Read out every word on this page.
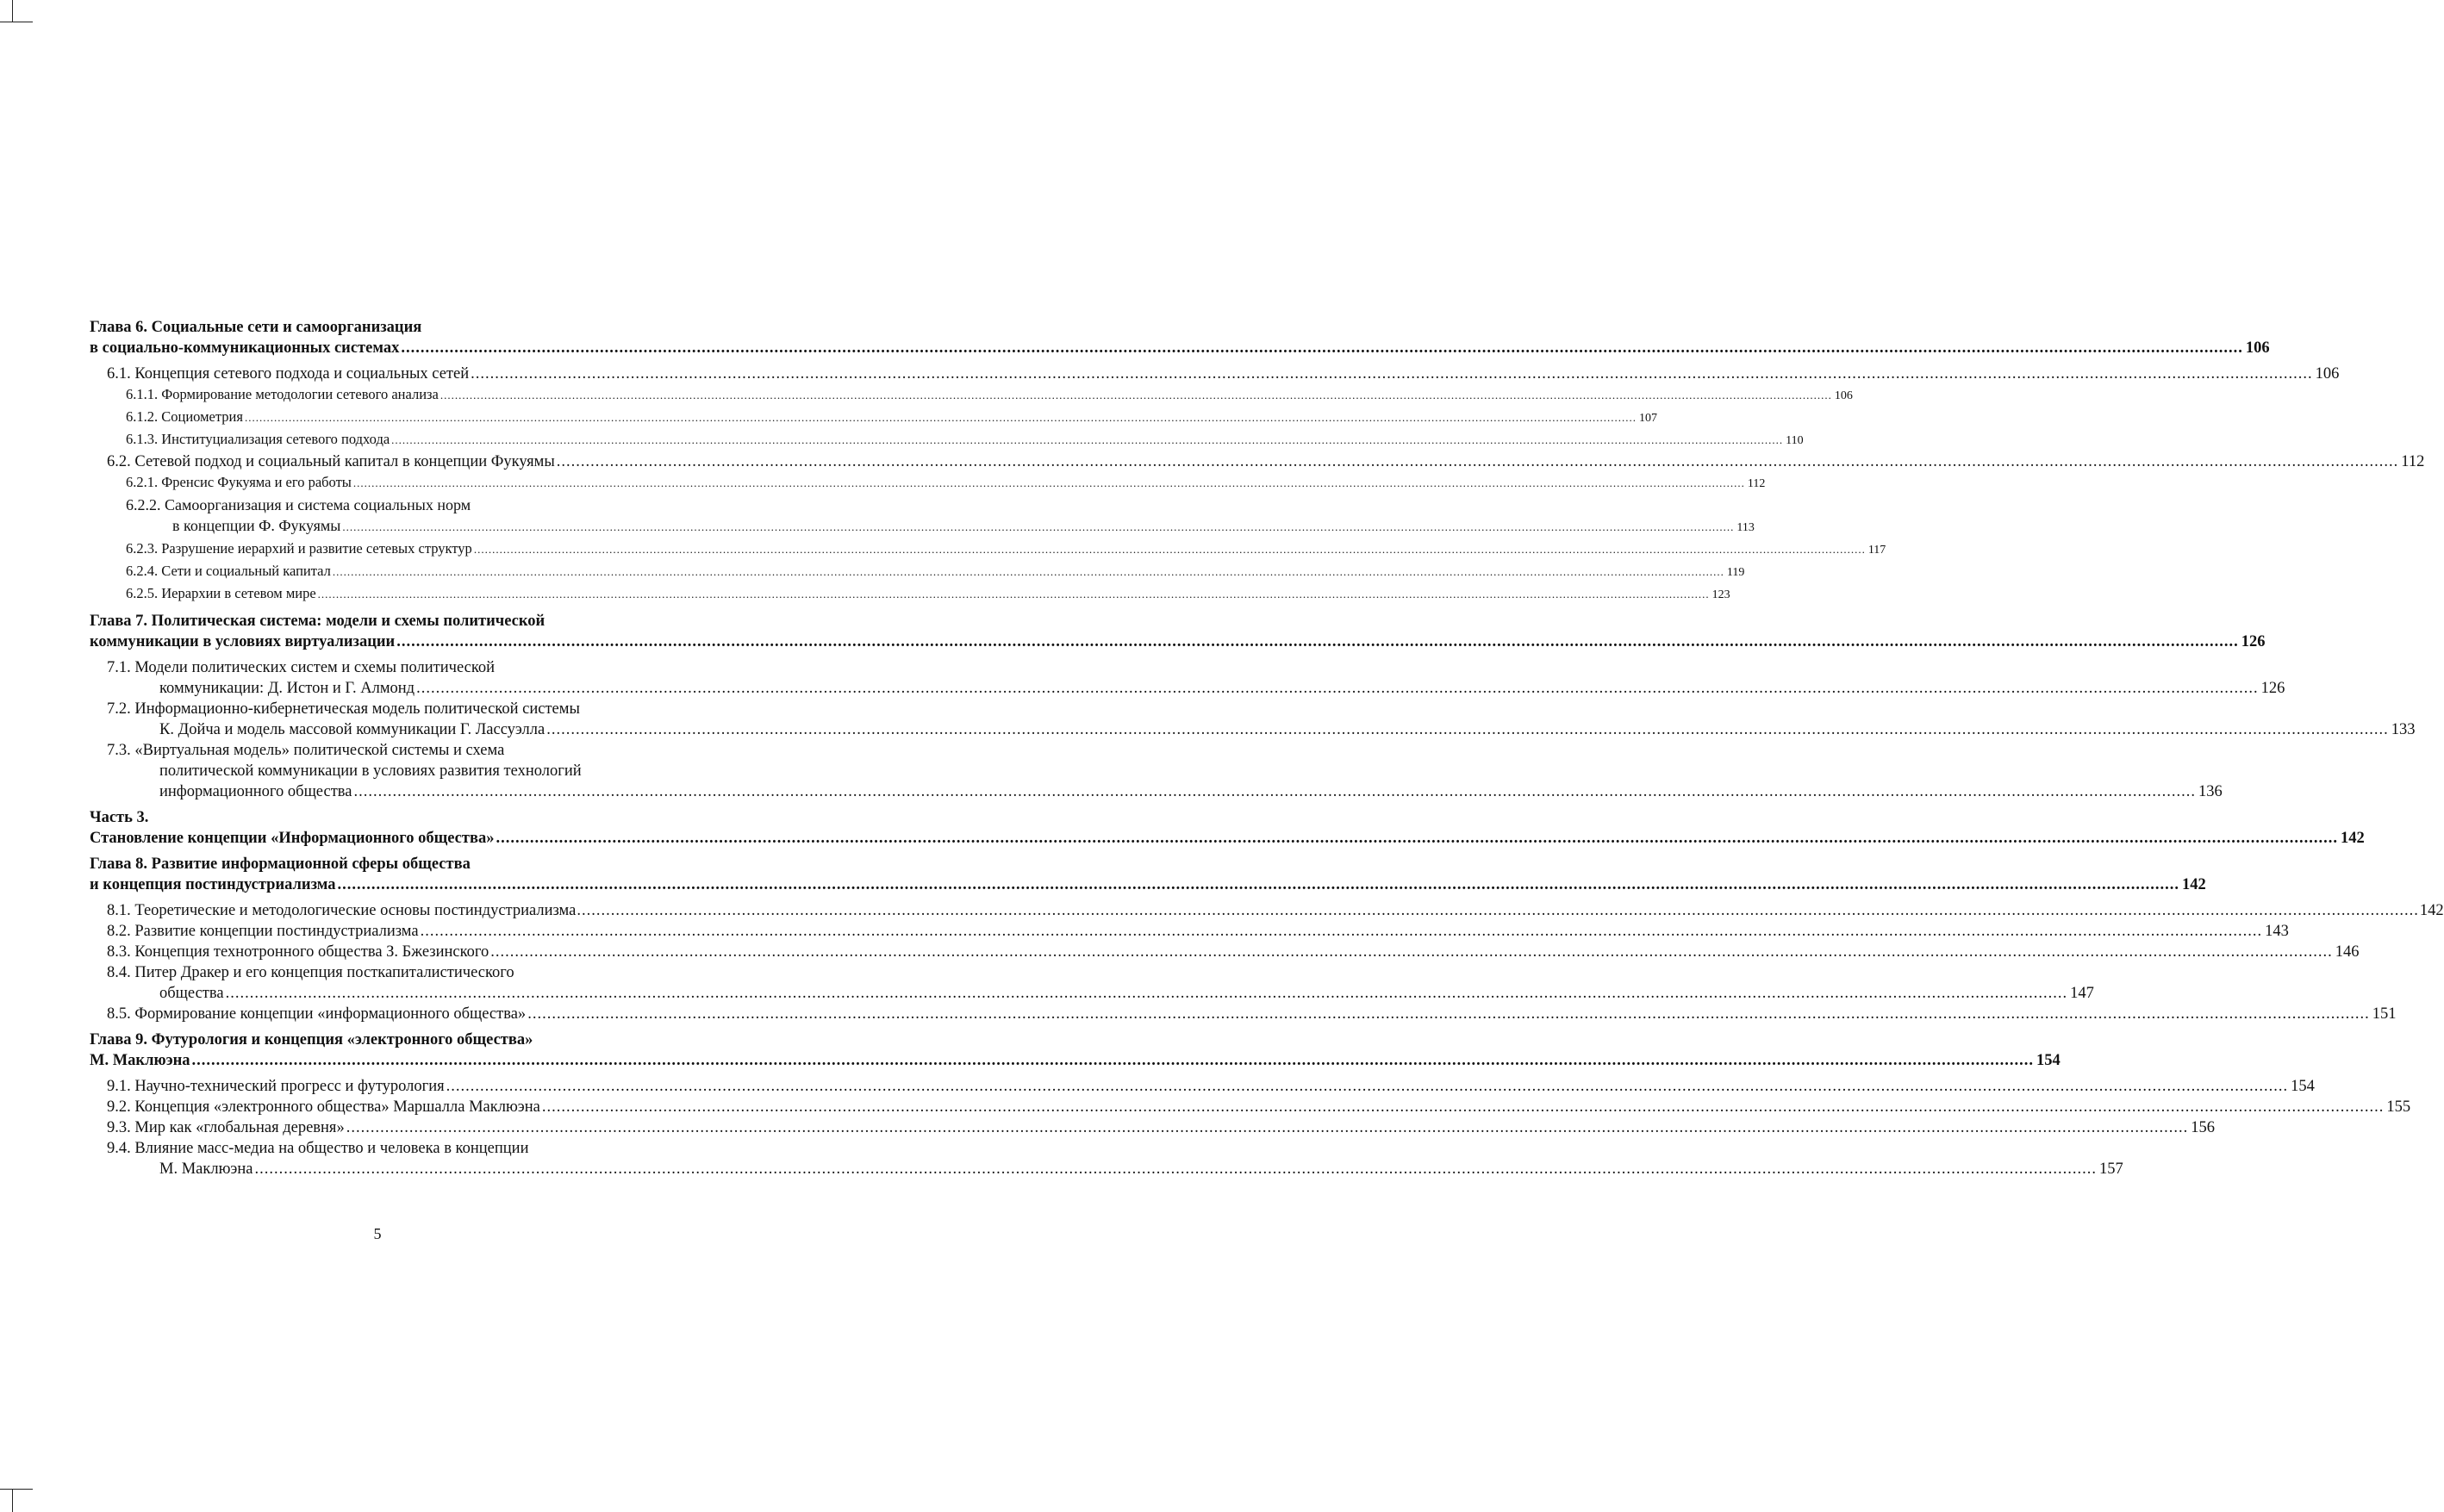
Глава 6. Социальные сети и самоорганизация
в социально-коммуникационных системах .....	106
6.1. Концепция сетевого подхода и социальных сетей .....	106
6.1.1. Формирование методологии сетевого анализа .....	106
6.1.2. Социометрия .....	107
6.1.3. Институциализация сетевого подхода .....	110
6.2. Сетевой подход и социальный капитал в концепции Фукуямы .....	112
6.2.1. Френсис Фукуяма и его работы .....	112
6.2.2. Самоорганизация и система социальных норм
в концепции Ф. Фукуямы .....	113
6.2.3. Разрушение иерархий и развитие сетевых структур .....	117
6.2.4. Сети и социальный капитал .....	119
6.2.5. Иерархии в сетевом мире .....	123
Глава 7. Политическая система: модели и схемы политической
коммуникации в условиях виртуализации .....	126
7.1. Модели политических систем и схемы политической
коммуникации: Д. Истон и Г. Алмонд .....	126
7.2. Информационно-кибернетическая модель политической системы
К. Дойча и модель массовой коммуникации Г. Лассуэлла .....	133
7.3. «Виртуальная модель» политической системы и схема
политической коммуникации в условиях развития технологий
информационного общества .....	136
Часть 3.
Становление концепции «Информационного общества» .....	142
Глава 8. Развитие информационной сферы общества
и концепция постиндустриализма .....	142
8.1. Теоретические и методологические основы постиндустриализма .....	142
8.2. Развитие концепции постиндустриализма .....	143
8.3. Концепция технотронного общества З. Бжезинского .....	146
8.4. Питер Дракер и его концепция посткапиталистического
общества .....	147
8.5. Формирование концепции «информационного общества» .....	151
Глава 9. Футурология и концепция «электронного общества»
М. Маклюэна .....	154
9.1. Научно-технический прогресс и футурология .....	154
9.2. Концепция «электронного общества» Маршалла Маклюэна .....	155
9.3. Мир как «глобальная деревня» .....	156
9.4. Влияние масс-медиа на общество и человека в концепции
М. Маклюэна .....	157
5
